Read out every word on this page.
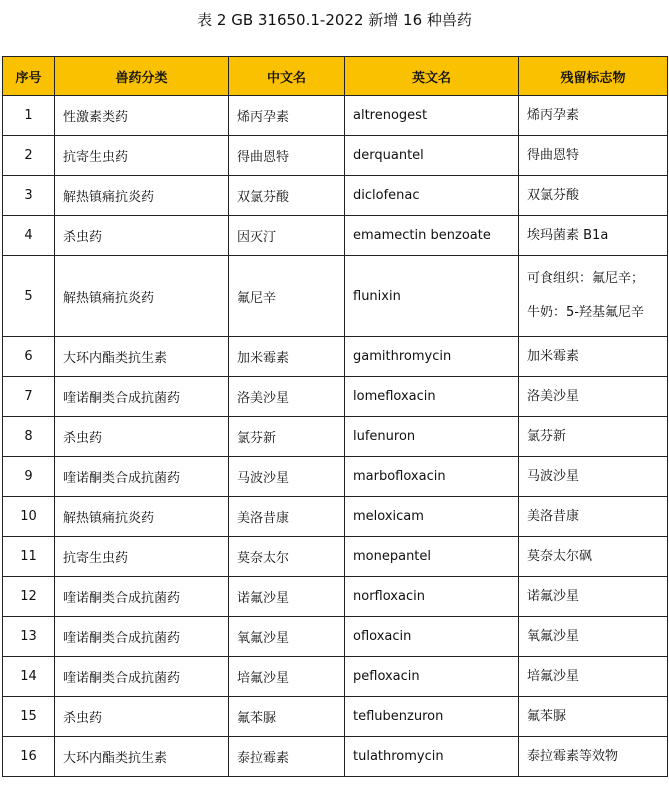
表 2 GB 31650.1-2022 新增 16 种兽药
序号	兽药分类	中文名	英文名	残留标志物
1	性激素类药	烯丙孕素	altrenogest	烯丙孕素

2	抗寄生虫药	得曲恩特	derquantel	得曲恩特

3	解热镇痛抗炎药	双氯芬酸	diclofenac	双氯芬酸

4	杀虫药	因灭汀	emamectin benzoate	埃玛菌素 B1a

5	解热镇痛抗炎药	氟尼辛	flunixin	可食组织：氟尼辛；
牛奶：5-羟基氟尼辛

6	大环内酯类抗生素	加米霉素	gamithromycin	加米霉素

7	喹诺酮类合成抗菌药	洛美沙星	lomefloxacin	洛美沙星

8	杀虫药	氯芬新	lufenuron	氯芬新

9	喹诺酮类合成抗菌药	马波沙星	marbofloxacin	马波沙星

10	解热镇痛抗炎药	美洛昔康	meloxicam	美洛昔康

11	抗寄生虫药	莫奈太尔	monepantel	莫奈太尔砜

12	喹诺酮类合成抗菌药	诺氟沙星	norfloxacin	诺氟沙星

13	喹诺酮类合成抗菌药	氧氟沙星	ofloxacin	氧氟沙星

14	喹诺酮类合成抗菌药	培氟沙星	pefloxacin	培氟沙星

15	杀虫药	氟苯脲	teflubenzuron	氟苯脲

16	大环内酯类抗生素	泰拉霉素	tulathromycin	泰拉霉素等效物
